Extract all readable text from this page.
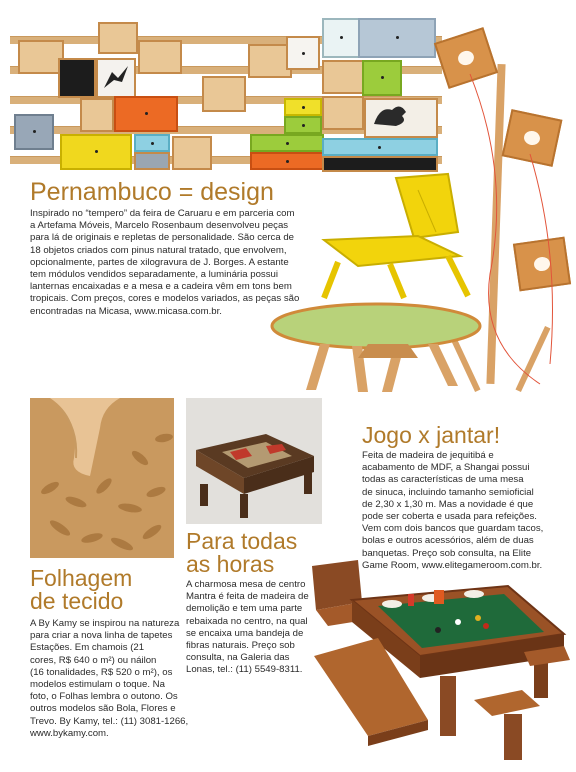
Pernambuco = design

Inspirado no “tempero” da feira de Caruaru e em parceria com

a Artefama Móveis, Marcelo Rosenbaum desenvolveu peças

para lá de originais e repletas de personalidade. São cerca de

18 objetos criados com pinus natural tratado, que envolvem,

opcionalmente, partes de xilogravura de J. Borges. A estante

tem módulos vendidos separadamente, a luminária possui

lanternas encaixadas e a mesa e a cadeira vêm em tons bem

tropicais. Com preços, cores e modelos variados, as peças são

encontradas na Micasa, www.micasa.com.br.

Folhagem
de tecido

A By Kamy se inspirou na natureza

para criar a nova linha de tapetes

Estações. Em chamois (21

cores, R$ 640 o m²) ou náilon

(16 tonalidades, R$ 520 o m²), os

modelos estimulam o toque. Na

foto, o Folhas lembra o outono. Os

outros modelos são Bola, Flores e

Trevo. By Kamy, tel.: (11) 3081-1266,

www.bykamy.com.

Para todas
as horas

A charmosa mesa de centro

Mantra é feita de madeira de

demolição e tem uma parte

rebaixada no centro, na qual

se encaixa uma bandeja de

fibras naturais. Preço sob

consulta, na Galeria das

Lonas, tel.: (11) 5549-8311.

Jogo x jantar!

Feita de madeira de jequitibá e

acabamento de MDF, a Shangai possui

todas as características de uma mesa

de sinuca, incluindo tamanho semioficial

de 2,30 x 1,30 m. Mas a novidade é que

pode ser coberta e usada para refeições.

Vem com dois bancos que guardam tacos,

bolas e outros acessórios, além de duas

banquetas. Preço sob consulta, na Elite

Game Room, www.elitegameroom.com.br.
